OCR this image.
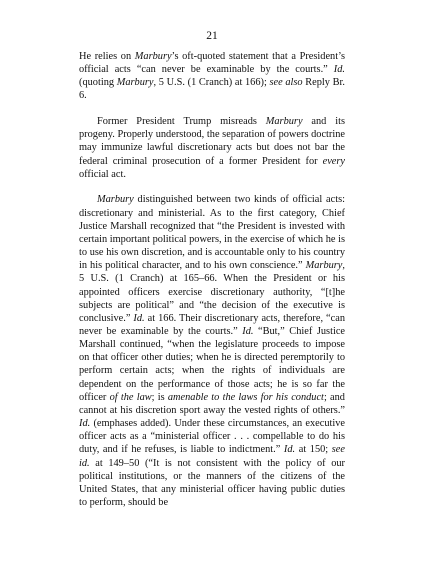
21

He relies on Marbury’s oft-quoted statement that a President’s official acts “can never be examinable by the courts.” Id. (quoting Marbury, 5 U.S. (1 Cranch) at 166); see also Reply Br. 6.

Former President Trump misreads Marbury and its progeny. Properly understood, the separation of powers doctrine may immunize lawful discretionary acts but does not bar the federal criminal prosecution of a former President for every official act.

Marbury distinguished between two kinds of official acts: discretionary and ministerial. As to the first category, Chief Justice Marshall recognized that “the President is invested with certain important political powers, in the exercise of which he is to use his own discretion, and is accountable only to his country in his political character, and to his own conscience.” Marbury, 5 U.S. (1 Cranch) at 165–66. When the President or his appointed officers exercise discretionary authority, “[t]he subjects are political” and “the decision of the executive is conclusive.” Id. at 166. Their discretionary acts, therefore, “can never be examinable by the courts.” Id. “But,” Chief Justice Marshall continued, “when the legislature proceeds to impose on that officer other duties; when he is directed peremptorily to perform certain acts; when the rights of individuals are dependent on the performance of those acts; he is so far the officer of the law; is amenable to the laws for his conduct; and cannot at his discretion sport away the vested rights of others.” Id. (emphases added). Under these circumstances, an executive officer acts as a “ministerial officer . . . compellable to do his duty, and if he refuses, is liable to indictment.” Id. at 150; see id. at 149–50 (“It is not consistent with the policy of our political institutions, or the manners of the citizens of the United States, that any ministerial officer having public duties to perform, should be
